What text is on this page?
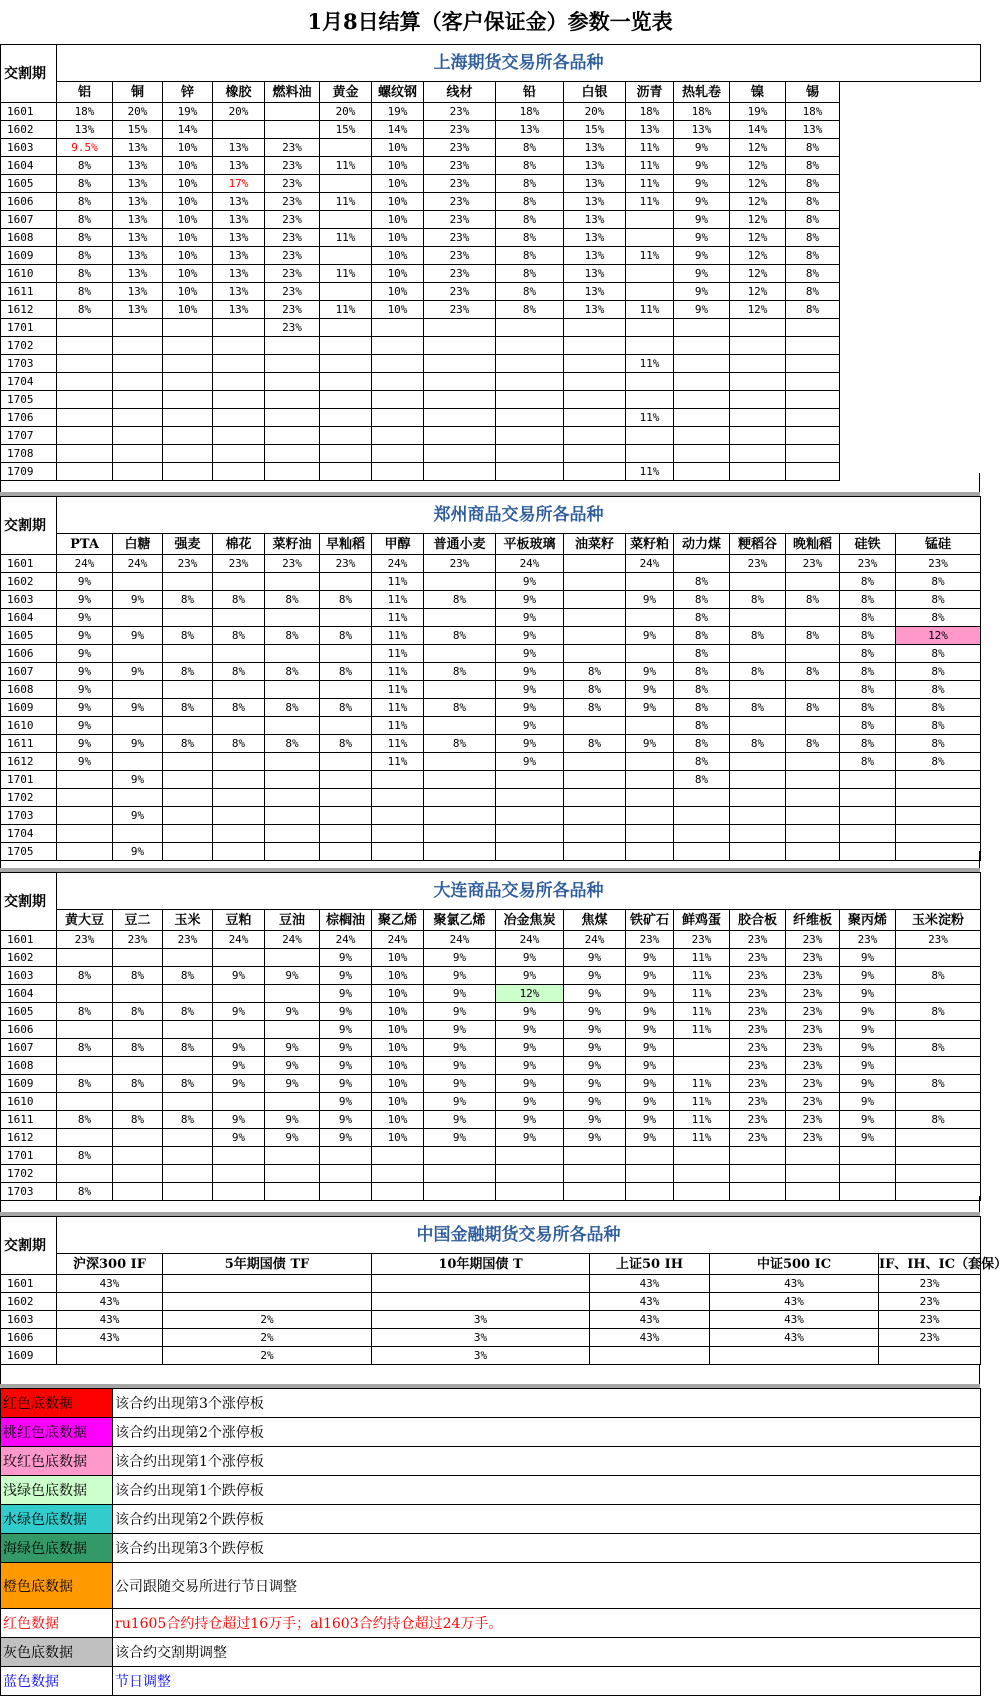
1月8日结算（客户保证金）参数一览表
交割期	上海期货交易所各品种														
	铝	铜	锌	橡胶	燃料油	黄金	螺纹钢	线材	铅	白银	沥青	热轧卷	镍	锡	
1601	18%	20%	19%	20%		20%	19%	23%	18%	20%	18%	18%	19%	18%	
1602	13%	15%	14%			15%	14%	23%	13%	15%	13%	13%	14%	13%	
1603	9.5%	13%	10%	13%	23%		10%	23%	8%	13%	11%	9%	12%	8%	
1604	8%	13%	10%	13%	23%	11%	10%	23%	8%	13%	11%	9%	12%	8%	
1605	8%	13%	10%	17%	23%		10%	23%	8%	13%	11%	9%	12%	8%	
1606	8%	13%	10%	13%	23%	11%	10%	23%	8%	13%	11%	9%	12%	8%	
1607	8%	13%	10%	13%	23%		10%	23%	8%	13%		9%	12%	8%	
1608	8%	13%	10%	13%	23%	11%	10%	23%	8%	13%		9%	12%	8%	
1609	8%	13%	10%	13%	23%		10%	23%	8%	13%	11%	9%	12%	8%	
1610	8%	13%	10%	13%	23%	11%	10%	23%	8%	13%		9%	12%	8%	
1611	8%	13%	10%	13%	23%		10%	23%	8%	13%		9%	12%	8%	
1612	8%	13%	10%	13%	23%	11%	10%	23%	8%	13%	11%	9%	12%	8%	
1701					23%										
1702															
1703											11%				
1704															
1705															
1706											11%				
1707															
1708															
1709											11%				
交割期	郑州商品交易所各品种															
	PTA	白糖	强麦	棉花	菜籽油	早籼稻	甲醇	普通小麦	平板玻璃	油菜籽	菜籽粕	动力煤	粳稻谷	晚籼稻	硅铁	锰硅
1601	24%	24%	23%	23%	23%	23%	24%	23%	24%		24%		23%	23%	23%	23%
1602	9%						11%		9%			8%			8%	8%
1603	9%	9%	8%	8%	8%	8%	11%	8%	9%		9%	8%	8%	8%	8%	8%
1604	9%						11%		9%			8%			8%	8%
1605	9%	9%	8%	8%	8%	8%	11%	8%	9%		9%	8%	8%	8%	8%	12%
1606	9%						11%		9%			8%			8%	8%
1607	9%	9%	8%	8%	8%	8%	11%	8%	9%	8%	9%	8%	8%	8%	8%	8%
1608	9%						11%		9%	8%	9%	8%			8%	8%
1609	9%	9%	8%	8%	8%	8%	11%	8%	9%	8%	9%	8%	8%	8%	8%	8%
1610	9%						11%		9%			8%			8%	8%
1611	9%	9%	8%	8%	8%	8%	11%	8%	9%	8%	9%	8%	8%	8%	8%	8%
1612	9%						11%		9%			8%			8%	8%
1701		9%										8%				
1702																
1703		9%														
1704																
1705		9%														
交割期	大连商品交易所各品种															
	黄大豆	豆二	玉米	豆粕	豆油	棕榈油	聚乙烯	聚氯乙烯	冶金焦炭	焦煤	铁矿石	鲜鸡蛋	胶合板	纤维板	聚丙烯	玉米淀粉
1601	23%	23%	23%	24%	24%	24%	24%	24%	24%	24%	23%	23%	23%	23%	23%	23%
1602						9%	10%	9%	9%	9%	9%	11%	23%	23%	9%	
1603	8%	8%	8%	9%	9%	9%	10%	9%	9%	9%	9%	11%	23%	23%	9%	8%
1604						9%	10%	9%	12%	9%	9%	11%	23%	23%	9%	
1605	8%	8%	8%	9%	9%	9%	10%	9%	9%	9%	9%	11%	23%	23%	9%	8%
1606						9%	10%	9%	9%	9%	9%	11%	23%	23%	9%	
1607	8%	8%	8%	9%	9%	9%	10%	9%	9%	9%	9%		23%	23%	9%	8%
1608				9%	9%	9%	10%	9%	9%	9%	9%		23%	23%	9%	
1609	8%	8%	8%	9%	9%	9%	10%	9%	9%	9%	9%	11%	23%	23%	9%	8%
1610						9%	10%	9%	9%	9%	9%	11%	23%	23%	9%	
1611	8%	8%	8%	9%	9%	9%	10%	9%	9%	9%	9%	11%	23%	23%	9%	8%
1612				9%	9%	9%	10%	9%	9%	9%	9%	11%	23%	23%	9%	
1701	8%															
1702																
1703	8%															
交割期	中国金融期货交易所各品种					
	沪深300 IF	5年期国债 TF	10年期国债 T	上证50 IH	中证500 IC	IF、IH、IC（套保）
1601	43%			43%	43%	23%
1602	43%			43%	43%	23%
1603	43%	2%	3%	43%	43%	23%
1606	43%	2%	3%	43%	43%	23%
1609		2%	3%			
红色底数据	该合约出现第3个涨停板
桃红色底数据	该合约出现第2个涨停板
玫红色底数据	该合约出现第1个涨停板
浅绿色底数据	该合约出现第1个跌停板
水绿色底数据	该合约出现第2个跌停板
海绿色底数据	该合约出现第3个跌停板
橙色底数据	公司跟随交易所进行节日调整
红色数据	ru1605合约持仓超过16万手；al1603合约持仓超过24万手。
灰色底数据	该合约交割期调整
蓝色数据	节日调整
